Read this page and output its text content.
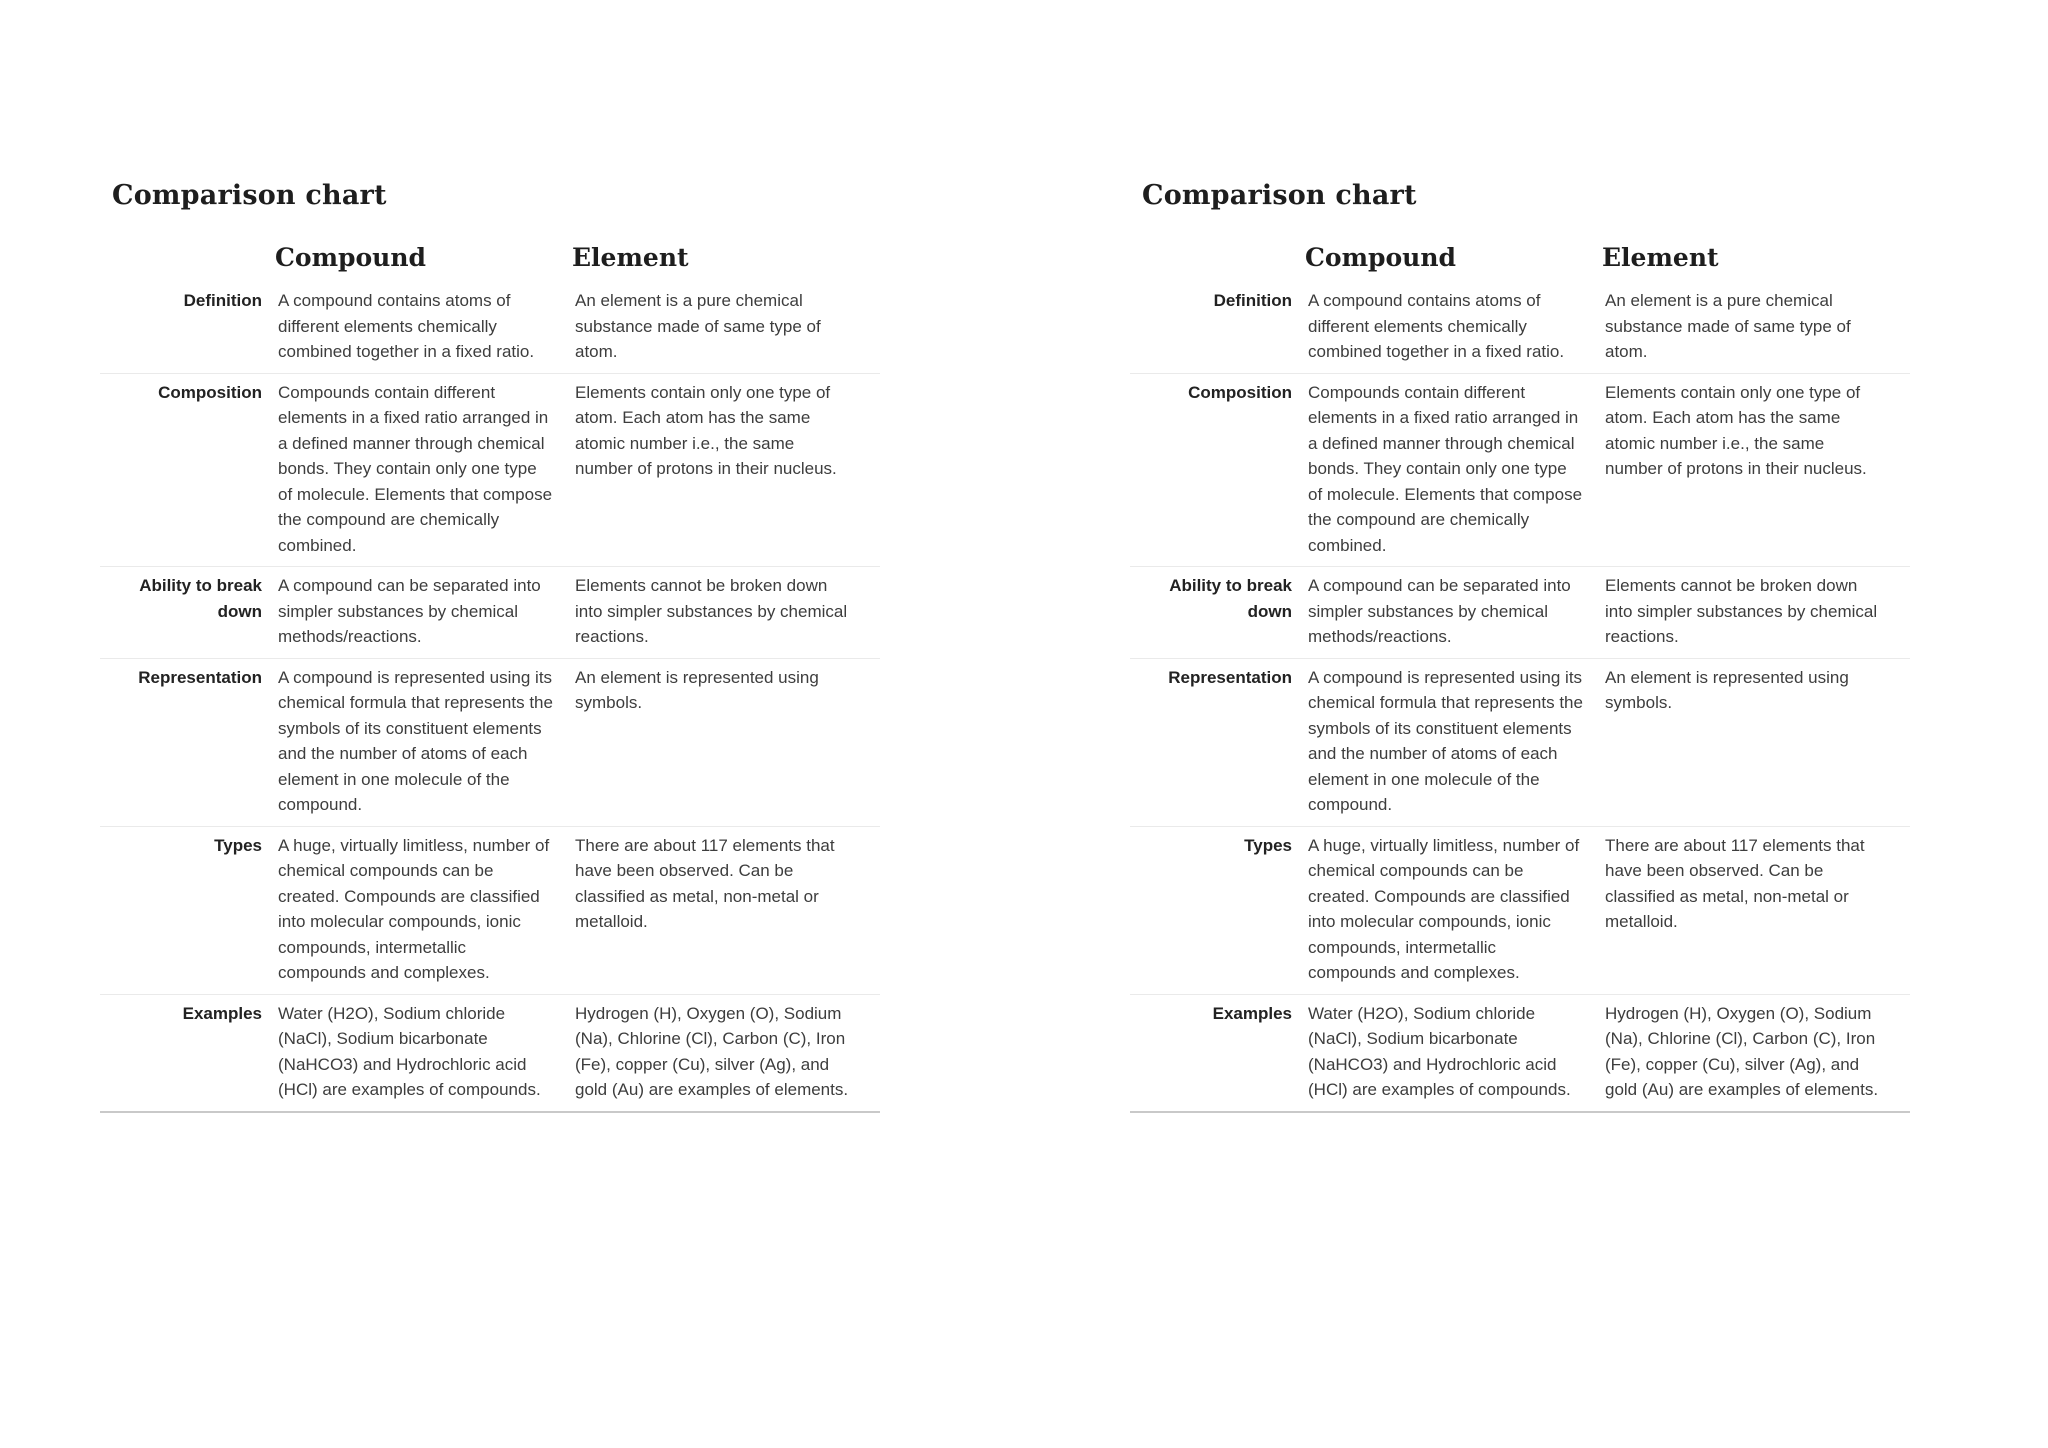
Comparison chart
Compound	Element
Definition A compound contains atoms of different elements chemically combined together in a fixed ratio.
An element is a pure chemical substance made of same type of atom.
Composition Compounds contain different elements in a fixed ratio arranged in a defined manner through chemical bonds. They contain only one type of molecule. Elements that compose the compound are chemically combined.
Elements contain only one type of atom. Each atom has the same atomic number i.e., the same number of protons in their nucleus.
Ability to break down
A compound can be separated into simpler substances by chemical methods/reactions.
Elements cannot be broken down into simpler substances by chemical reactions.
Representation A compound is represented using its chemical formula that represents the symbols of its constituent elements and the number of atoms of each element in one molecule of the compound.
An element is represented using symbols.
Types A huge, virtually limitless, number of chemical compounds can be created. Compounds are classified into molecular compounds, ionic compounds, intermetallic compounds and complexes.
There are about 117 elements that have been observed. Can be classified as metal, non-metal or metalloid.
Examples Water (H2O), Sodium chloride (NaCl), Sodium bicarbonate (NaHCO3) and Hydrochloric acid (HCl) are examples of compounds.
Hydrogen (H), Oxygen (O), Sodium (Na), Chlorine (Cl), Carbon (C), Iron (Fe), copper (Cu), silver (Ag), and gold (Au) are examples of elements.
Comparison chart
Compound	Element
Definition A compound contains atoms of different elements chemically combined together in a fixed ratio.
An element is a pure chemical substance made of same type of atom.
Composition Compounds contain different elements in a fixed ratio arranged in a defined manner through chemical bonds. They contain only one type of molecule. Elements that compose the compound are chemically combined.
Elements contain only one type of atom. Each atom has the same atomic number i.e., the same number of protons in their nucleus.
Ability to break down
A compound can be separated into simpler substances by chemical methods/reactions.
Elements cannot be broken down into simpler substances by chemical reactions.
Representation A compound is represented using its chemical formula that represents the symbols of its constituent elements and the number of atoms of each element in one molecule of the compound.
An element is represented using symbols.
Types A huge, virtually limitless, number of chemical compounds can be created. Compounds are classified into molecular compounds, ionic compounds, intermetallic compounds and complexes.
There are about 117 elements that have been observed. Can be classified as metal, non-metal or metalloid.
Examples Water (H2O), Sodium chloride (NaCl), Sodium bicarbonate (NaHCO3) and Hydrochloric acid (HCl) are examples of compounds.
Hydrogen (H), Oxygen (O), Sodium (Na), Chlorine (Cl), Carbon (C), Iron (Fe), copper (Cu), silver (Ag), and gold (Au) are examples of elements.
